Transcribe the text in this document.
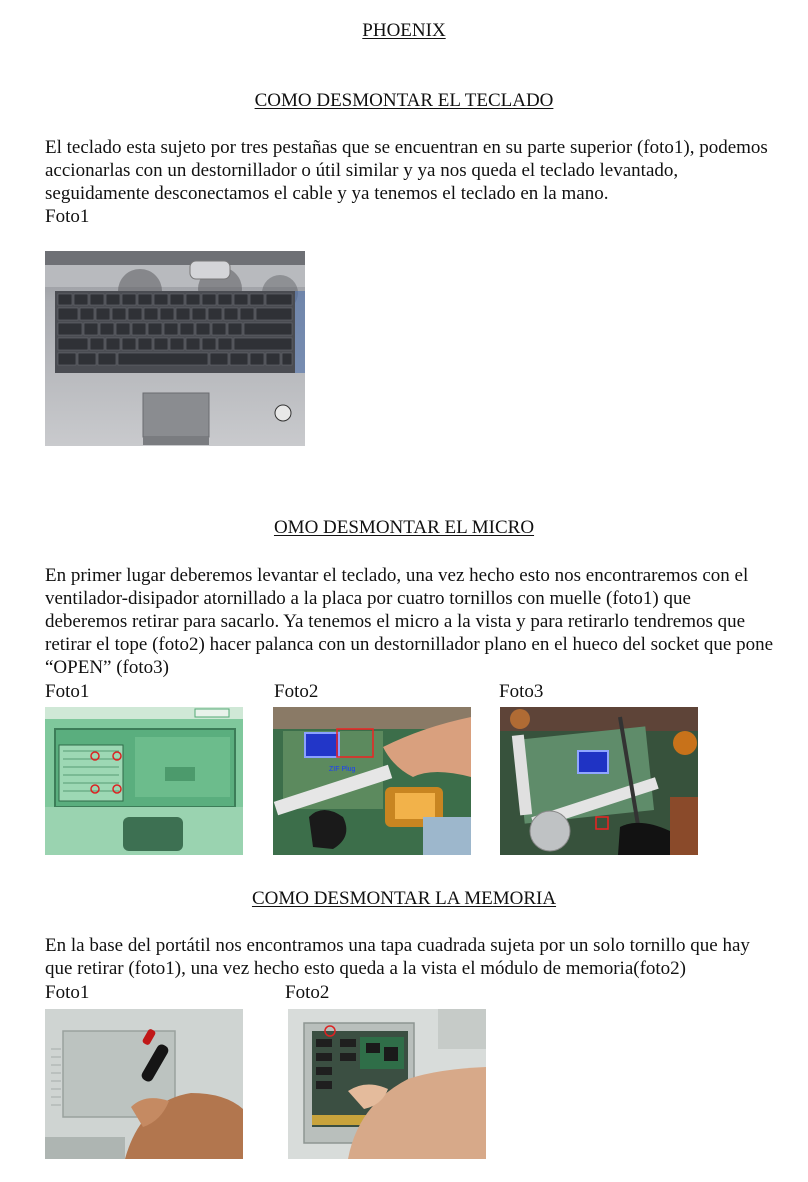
PHOENIX
COMO DESMONTAR EL TECLADO
El teclado esta sujeto por tres pestañas que se encuentran en su parte superior (foto1), podemos accionarlas con un destornillador o útil similar y ya nos queda el teclado levantado, seguidamente desconectamos el cable y ya tenemos el teclado en la mano.
Foto1
OMO DESMONTAR EL MICRO
En primer lugar deberemos levantar el teclado, una vez hecho esto nos encontraremos con el ventilador-disipador atornillado a la placa por cuatro tornillos con muelle (foto1) que deberemos retirar para sacarlo. Ya tenemos el micro a la vista y para retirarlo tendremos que retirar el tope (foto2) hacer palanca con un destornillador plano en el hueco del socket que pone “OPEN” (foto3)
Foto1	Foto2	Foto3
ZIF Plug
COMO DESMONTAR LA MEMORIA
En la base del portátil nos encontramos una tapa cuadrada sujeta por un solo tornillo que hay que retirar (foto1), una vez hecho esto queda a la vista el módulo de memoria(foto2)
Foto1	Foto2
